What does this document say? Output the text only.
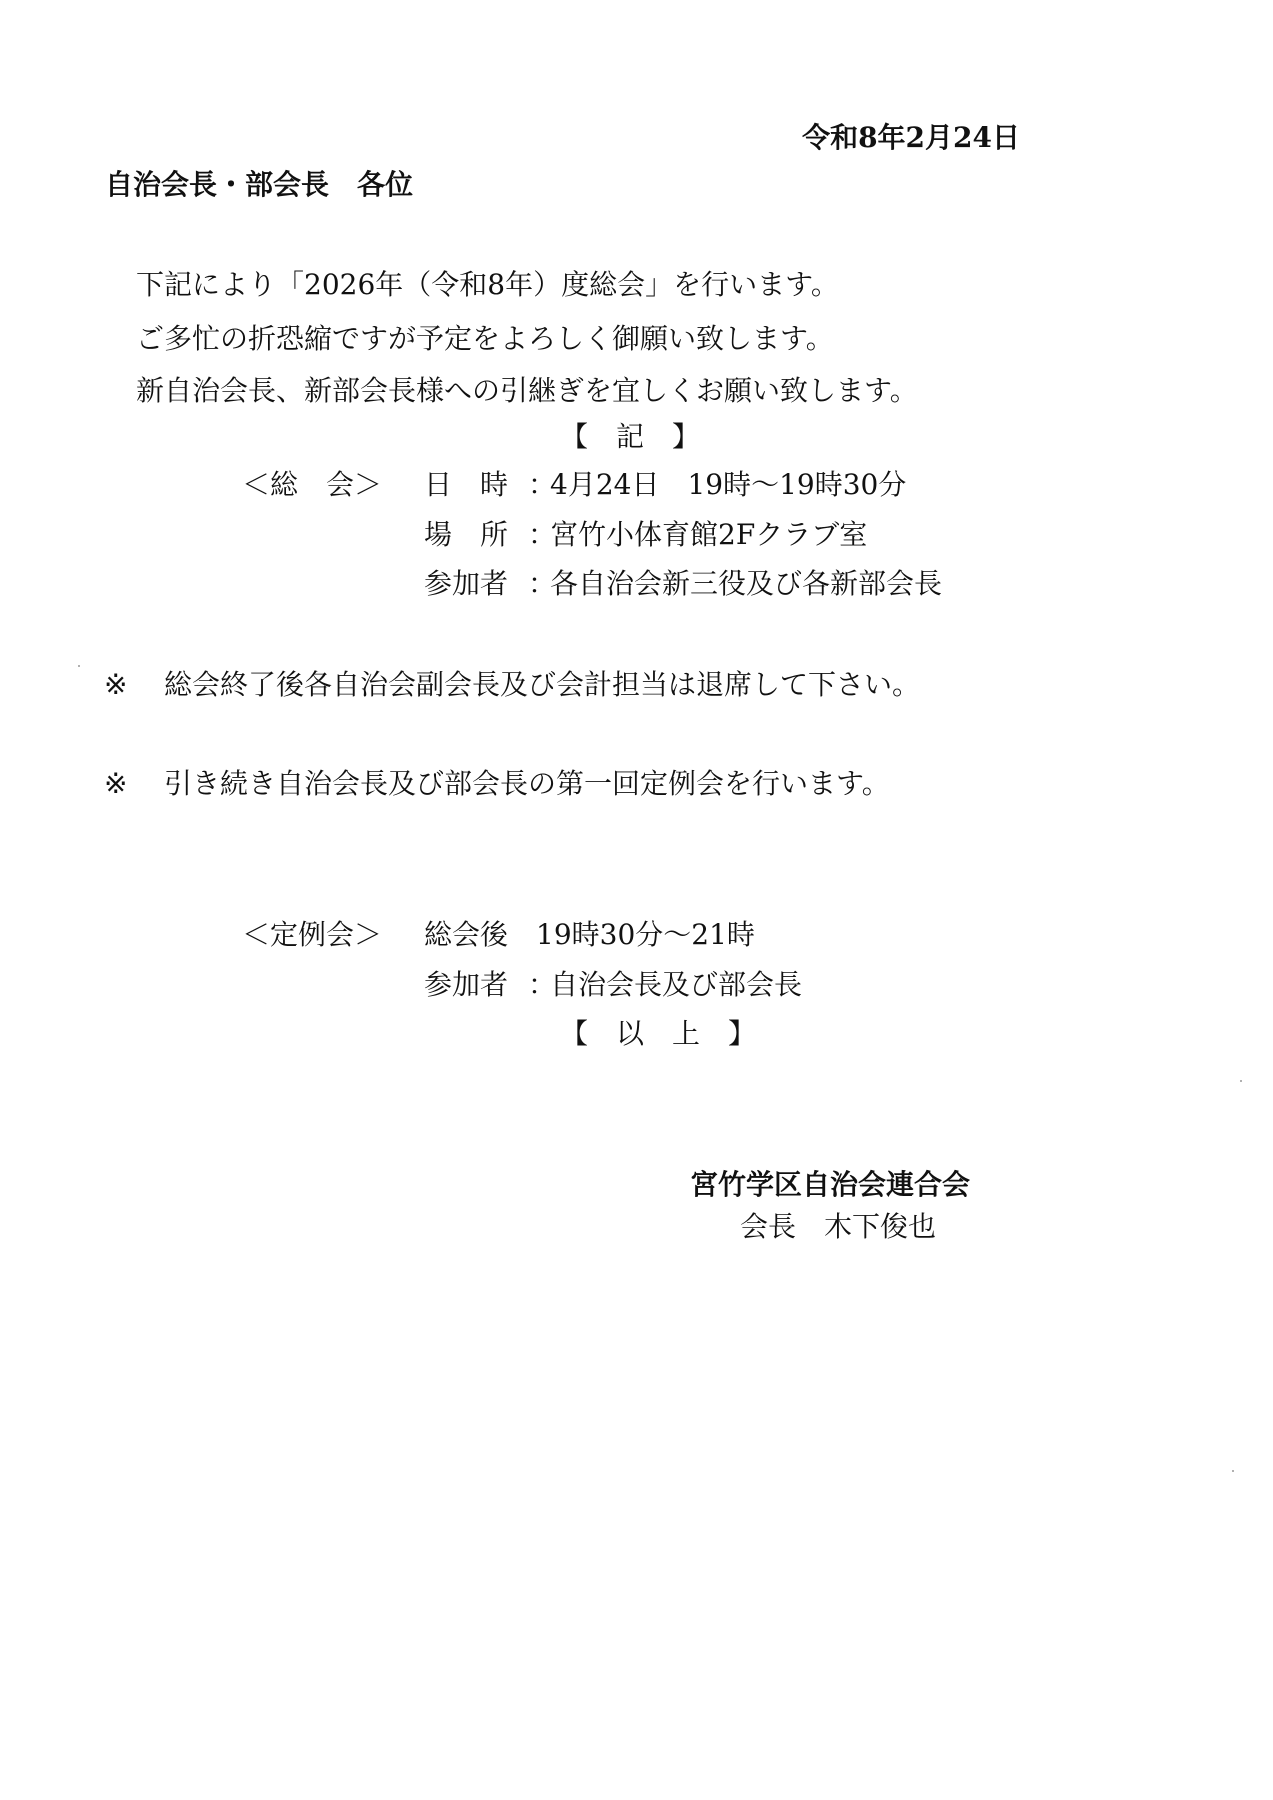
令和8年2月24日
自治会長・部会長　各位
下記により「2026年（令和8年）度総会」を行います。
ご多忙の折恐縮ですが予定をよろしく御願い致します。
新自治会長、新部会長様への引継ぎを宜しくお願い致します。
【　記　】
＜総　会＞ 日　時 ：4月24日　19時～19時30分
場　所 ：宮竹小体育館2Fクラブ室
参加者 ：各自治会新三役及び各新部会長
※ 総会終了後各自治会副会長及び会計担当は退席して下さい。
※ 引き続き自治会長及び部会長の第一回定例会を行います。
＜定例会＞ 総会後 19時30分～21時
参加者 ：自治会長及び部会長
【　以　上　】
宮竹学区自治会連合会
会長 木下俊也
